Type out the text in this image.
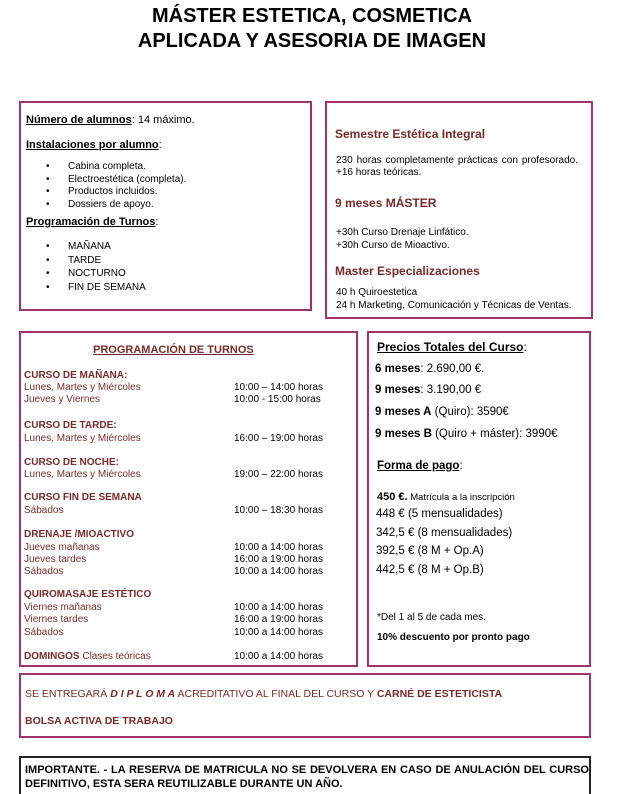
MÁSTER ESTETICA, COSMETICA
APLICADA Y ASESORIA DE IMAGEN
Número de alumnos: 14 máximo.
Instalaciones por alumno:
• Cabina completa.
• Electroestética (completa).
• Productos incluidos.
• Dossiers de apoyo.
Programación de Turnos:
• MAÑANA
• TARDE
• NOCTURNO
• FIN DE SEMANA
Semestre Estética Integral
230 horas completamente prácticas con profesorado. +16 horas teóricas.
9 meses MÁSTER
+30h Curso Drenaje Linfático.
+30h Curso de Mioactivo.
Master Especializaciones
40 h Quiroestetica
24 h Marketing, Comunicación y Técnicas de Ventas.
PROGRAMACIÓN DE TURNOS
CURSO DE MAÑANA:
Lunes, Martes y Miércoles	10:00 – 14:00 horas
Jueves y Viernes	10:00 - 15:00 horas
CURSO DE TARDE:
Lunes, Martes y Miércoles	16:00 – 19:00 horas
CURSO DE NOCHE:
Lunes, Martes y Miércoles	19:00 – 22:00 horas
CURSO FIN DE SEMANA
Sábados	10:00 – 18:30 horas
DRENAJE /MIOACTIVO
Jueves mañanas	10:00 a 14:00 horas
Jueves tardes	16:00 a 19:00 horas
Sábados	10:00 a 14:00 horas
QUIROMASAJE ESTÉTICO
Viernes mañanas	10:00 a 14:00 horas
Viernes tardes	16:00 a 19:00 horas
Sábados	10:00 a 14:00 horas
DOMINGOS Clases teóricas	10:00 a 14:00 horas
Precios Totales del Curso:
6 meses: 2.690,00 €.
9 meses: 3.190,00 €
9 meses A (Quiro): 3590€
9 meses B (Quiro + máster): 3990€
Forma de pago:
450 €. Matrícula a la inscripción
448 € (5 mensualidades)
342,5 € (8 mensualidades)
392,5 € (8 M + Op.A)
442,5 € (8 M + Op.B)
*Del 1 al 5 de cada mes.
10% descuento por pronto pago
SE ENTREGARÁ D I P L O M A ACREDITATIVO AL FINAL DEL CURSO Y CARNÉ DE ESTETICISTA
BOLSA ACTIVA DE TRABAJO
IMPORTANTE. - LA RESERVA DE MATRICULA NO SE DEVOLVERA EN CASO DE ANULACIÓN DEL CURSO DEFINITIVO, ESTA SERA REUTILIZABLE DURANTE UN AÑO.
